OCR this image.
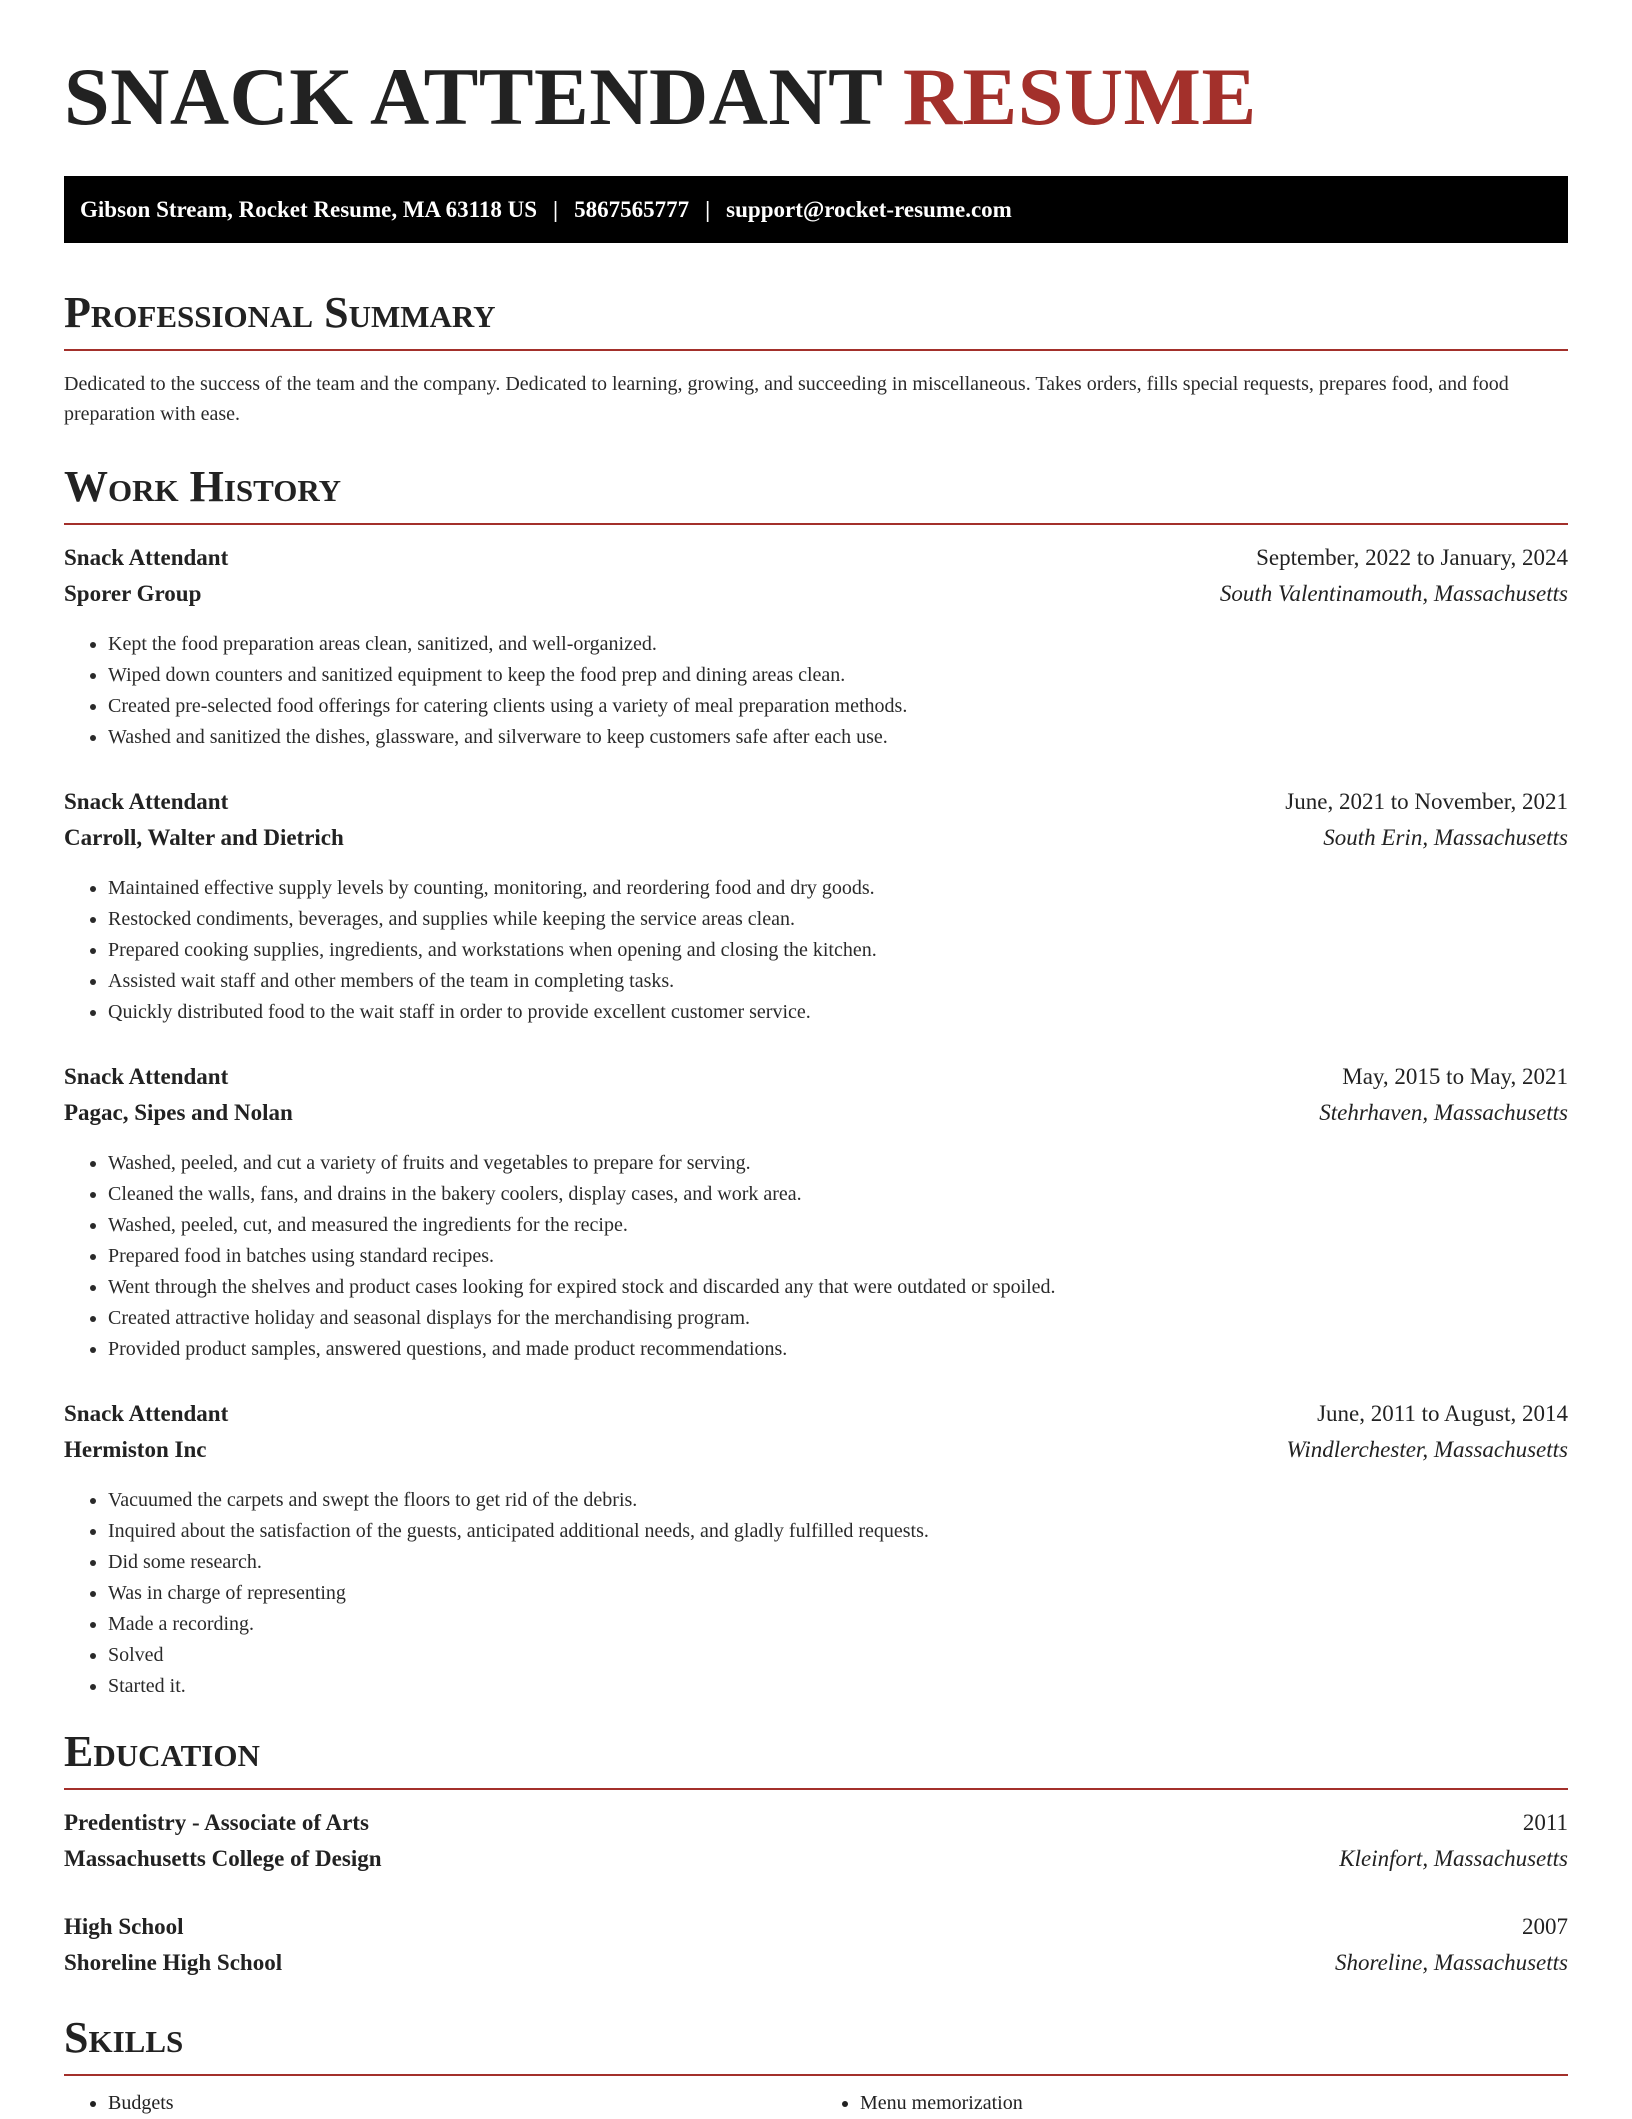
SNACK ATTENDANT RESUME
Gibson Stream, Rocket Resume, MA 63118 US | 5867565777 | support@rocket-resume.com
Professional Summary

Dedicated to the success of the team and the company. Dedicated to learning, growing, and succeeding in miscellaneous. Takes orders, fills special requests, prepares food, and food preparation with ease.

Work History
Snack Attendant	September, 2022 to January, 2024
Sporer Group	South Valentinamouth, Massachusetts
• Kept the food preparation areas clean, sanitized, and well-organized.
• Wiped down counters and sanitized equipment to keep the food prep and dining areas clean.
• Created pre-selected food offerings for catering clients using a variety of meal preparation methods.
• Washed and sanitized the dishes, glassware, and silverware to keep customers safe after each use.
Snack Attendant	June, 2021 to November, 2021
Carroll, Walter and Dietrich	South Erin, Massachusetts
• Maintained effective supply levels by counting, monitoring, and reordering food and dry goods.
• Restocked condiments, beverages, and supplies while keeping the service areas clean.
• Prepared cooking supplies, ingredients, and workstations when opening and closing the kitchen.
• Assisted wait staff and other members of the team in completing tasks.
• Quickly distributed food to the wait staff in order to provide excellent customer service.
Snack Attendant	May, 2015 to May, 2021
Pagac, Sipes and Nolan	Stehrhaven, Massachusetts
• Washed, peeled, and cut a variety of fruits and vegetables to prepare for serving.
• Cleaned the walls, fans, and drains in the bakery coolers, display cases, and work area.
• Washed, peeled, cut, and measured the ingredients for the recipe.
• Prepared food in batches using standard recipes.
• Went through the shelves and product cases looking for expired stock and discarded any that were outdated or spoiled.
• Created attractive holiday and seasonal displays for the merchandising program.
• Provided product samples, answered questions, and made product recommendations.
Snack Attendant	June, 2011 to August, 2014
Hermiston Inc	Windlerchester, Massachusetts
• Vacuumed the carpets and swept the floors to get rid of the debris.
• Inquired about the satisfaction of the guests, anticipated additional needs, and gladly fulfilled requests.
• Did some research.
• Was in charge of representing
• Made a recording.
• Solved
• Started it.
Education
Predentistry - Associate of Arts	2011
Massachusetts College of Design	Kleinfort, Massachusetts
High School	2007
Shoreline High School	Shoreline, Massachusetts
Skills
• Budgets
•	Menu memorization
